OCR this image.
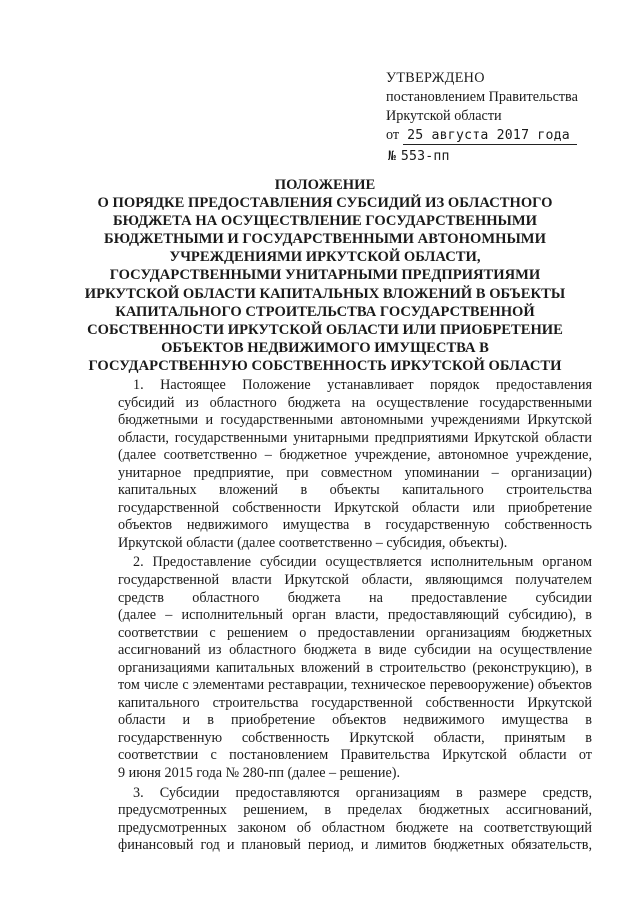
УТВЕРЖДЕНО
постановлением Правительства
Иркутской области
от 25 августа 2017 года
№ 553-пп
ПОЛОЖЕНИЕ
О ПОРЯДКЕ ПРЕДОСТАВЛЕНИЯ СУБСИДИЙ ИЗ ОБЛАСТНОГО
БЮДЖЕТА НА ОСУЩЕСТВЛЕНИЕ ГОСУДАРСТВЕННЫМИ
БЮДЖЕТНЫМИ И ГОСУДАРСТВЕННЫМИ АВТОНОМНЫМИ
УЧРЕЖДЕНИЯМИ ИРКУТСКОЙ ОБЛАСТИ,
ГОСУДАРСТВЕННЫМИ УНИТАРНЫМИ ПРЕДПРИЯТИЯМИ
ИРКУТСКОЙ ОБЛАСТИ КАПИТАЛЬНЫХ ВЛОЖЕНИЙ В ОБЪЕКТЫ
КАПИТАЛЬНОГО СТРОИТЕЛЬСТВА ГОСУДАРСТВЕННОЙ
СОБСТВЕННОСТИ ИРКУТСКОЙ ОБЛАСТИ ИЛИ ПРИОБРЕТЕНИЕ
ОБЪЕКТОВ НЕДВИЖИМОГО ИМУЩЕСТВА В
ГОСУДАРСТВЕННУЮ СОБСТВЕННОСТЬ ИРКУТСКОЙ ОБЛАСТИ
1. Настоящее Положение устанавливает порядок предоставления
субсидий из областного бюджета на осуществление государственными
бюджетными и государственными автономными учреждениями Иркутской
области, государственными унитарными предприятиями Иркутской области
(далее соответственно – бюджетное учреждение, автономное учреждение,
унитарное предприятие, при совместном упоминании – организации)
капитальных вложений в объекты капитального строительства
государственной собственности Иркутской области или приобретение
объектов недвижимого имущества в государственную собственность
Иркутской области (далее соответственно – субсидия, объекты).
2. Предоставление субсидии осуществляется исполнительным органом
государственной власти Иркутской области, являющимся получателем
средств областного бюджета на предоставление субсидии
(далее – исполнительный орган власти, предоставляющий субсидию), в
соответствии с решением о предоставлении организациям бюджетных
ассигнований из областного бюджета в виде субсидии на осуществление
организациями капитальных вложений в строительство (реконструкцию), в
том числе с элементами реставрации, техническое перевооружение) объектов
капитального строительства государственной собственности Иркутской
области и в приобретение объектов недвижимого имущества в
государственную собственность Иркутской области, принятым в
соответствии с постановлением Правительства Иркутской области от
9 июня 2015 года № 280-пп (далее – решение).
3. Субсидии предоставляются организациям в размере средств,
предусмотренных решением, в пределах бюджетных ассигнований,
предусмотренных законом об областном бюджете на соответствующий
финансовый год и плановый период, и лимитов бюджетных обязательств,
